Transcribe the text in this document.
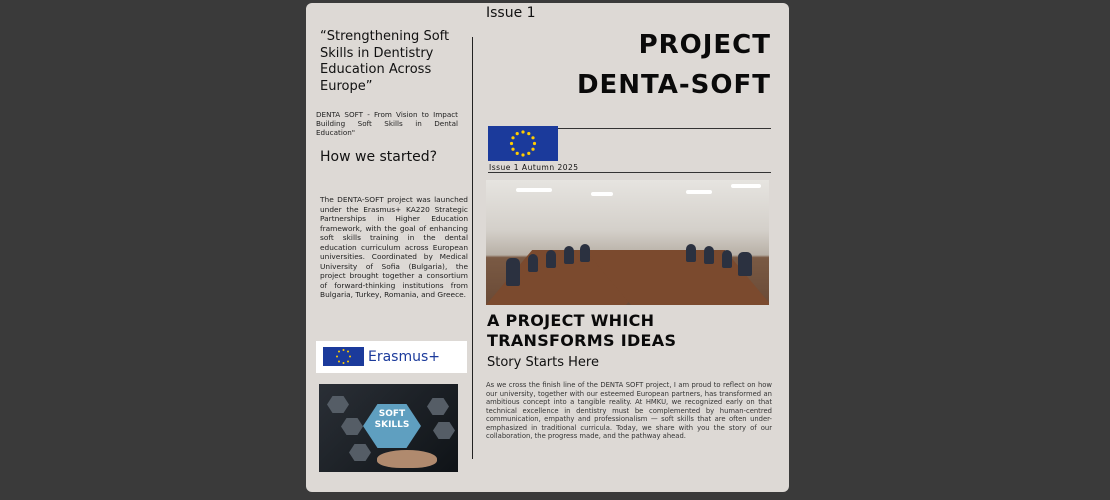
Issue 1
“Strengthening Soft Skills in Dentistry Education Across Europe”
DENTA SOFT - From Vision to Impact Building Soft Skills in Dental Education"
How we started?
The DENTA-SOFT project was launched under the Erasmus+ KA220 Strategic Partnerships in Higher Education framework, with the goal of enhancing soft skills training in the dental education curriculum across European universities. Coordinated by Medical University of Sofia (Bulgaria), the project brought together a consortium of forward-thinking institutions from Bulgaria, Turkey, Romania, and Greece.
Erasmus+
SOFT SKILLS
PROJECT
DENTA-SOFT
Issue 1 Autumn 2025
A PROJECT WHICH TRANSFORMS IDEAS
Story Starts Here
As we cross the finish line of the DENTA SOFT project, I am proud to reflect on how our university, together with our esteemed European partners, has transformed an ambitious concept into a tangible reality. At HMKU, we recognized early on that technical excellence in dentistry must be complemented by human-centred communication, empathy and professionalism — soft skills that are often under-emphasized in traditional curricula. Today, we share with you the story of our collaboration, the progress made, and the pathway ahead.
